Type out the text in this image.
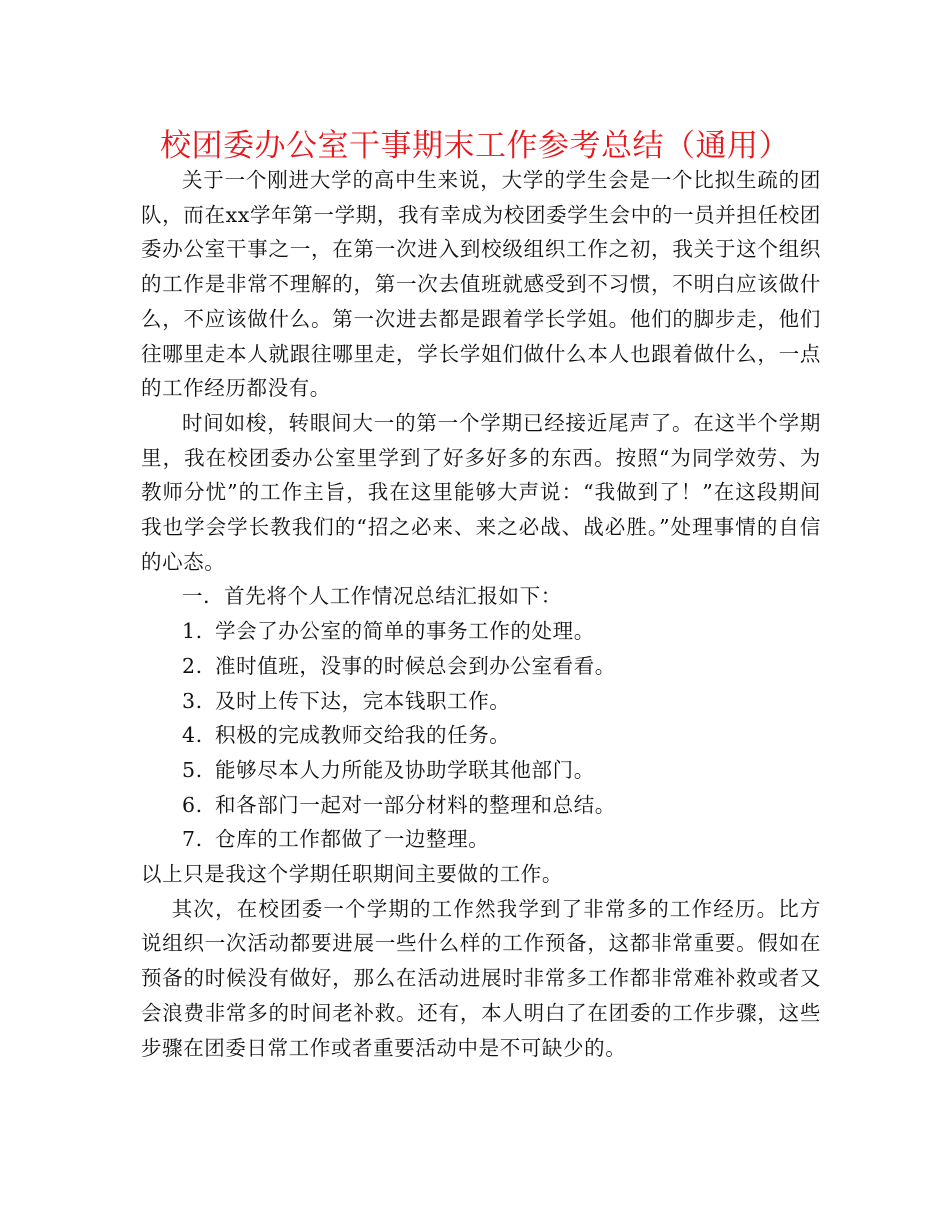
校团委办公室干事期末工作参考总结（通用）

关于一个刚进大学的高中生来说，大学的学生会是一个比拟生疏的团队，而在xx学年第一学期，我有幸成为校团委学生会中的一员并担任校团委办公室干事之一，在第一次进入到校级组织工作之初，我关于这个组织的工作是非常不理解的，第一次去值班就感受到不习惯，不明白应该做什么，不应该做什么。第一次进去都是跟着学长学姐。他们的脚步走，他们往哪里走本人就跟往哪里走，学长学姐们做什么本人也跟着做什么，一点的工作经历都没有。

时间如梭，转眼间大一的第一个学期已经接近尾声了。在这半个学期里，我在校团委办公室里学到了好多好多的东西。按照“为同学效劳、为教师分忧”的工作主旨，我在这里能够大声说：“我做到了！”在这段期间我也学会学长教我们的“招之必来、来之必战、战必胜。”处理事情的自信的心态。

一．首先将个人工作情况总结汇报如下：

1. 学会了办公室的简单的事务工作的处理。

2. 准时值班，没事的时候总会到办公室看看。

3. 及时上传下达，完本钱职工作。

4. 积极的完成教师交给我的任务。

5. 能够尽本人力所能及协助学联其他部门。

6. 和各部门一起对一部分材料的整理和总结。

7. 仓库的工作都做了一边整理。

以上只是我这个学期任职期间主要做的工作。

其次，在校团委一个学期的工作然我学到了非常多的工作经历。比方说组织一次活动都要进展一些什么样的工作预备，这都非常重要。假如在预备的时候没有做好，那么在活动进展时非常多工作都非常难补救或者又会浪费非常多的时间老补救。还有，本人明白了在团委的工作步骤，这些步骤在团委日常工作或者重要活动中是不可缺少的。
